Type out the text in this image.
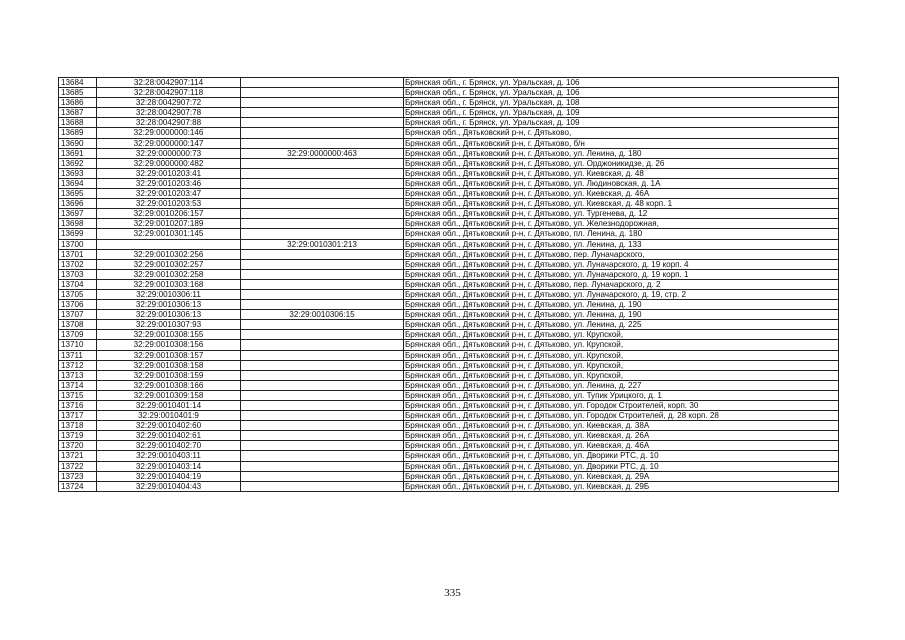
13684	32:28:0042907:114		Брянская обл., г. Брянск, ул. Уральская, д. 106
13685	32:28:0042907:118		Брянская обл., г. Брянск, ул. Уральская, д. 106
13686	32:28:0042907:72		Брянская обл., г. Брянск, ул. Уральская, д. 108
13687	32:28:0042907:78		Брянская обл., г. Брянск, ул. Уральская, д. 109
13688	32:28:0042907:88		Брянская обл., г. Брянск, ул. Уральская, д. 109
13689	32:29:0000000:146		Брянская обл., Дятьковский р-н, г. Дятьково,
13690	32:29:0000000:147		Брянская обл., Дятьковский р-н, г. Дятьково, б/н
13691	32:29:0000000:73	32:29:0000000:463	Брянская обл., Дятьковский р-н, г. Дятьково, ул. Ленина, д. 180
13692	32:29:0000000:482		Брянская обл., Дятьковский р-н, г. Дятьково, ул. Орджоникидзе, д. 26
13693	32:29:0010203:41		Брянская обл., Дятьковский р-н, г. Дятьково, ул. Киевская, д. 48
13694	32:29:0010203:46		Брянская обл., Дятьковский р-н, г. Дятьково, ул. Людиновская, д. 1А
13695	32:29:0010203:47		Брянская обл., Дятьковский р-н, г. Дятьково, ул. Киевская, д. 46А
13696	32:29:0010203:53		Брянская обл., Дятьковский р-н, г. Дятьково, ул. Киевская, д. 48 корп. 1
13697	32:29:0010206:157		Брянская обл., Дятьковский р-н, г. Дятьково, ул. Тургенева, д. 12
13698	32:29:0010207:189		Брянская обл., Дятьковский р-н, г. Дятьково, ул. Железнодорожная,
13699	32:29:0010301:145		Брянская обл., Дятьковский р-н, г. Дятьково, пл. Ленина, д. 180
13700		32:29:0010301:213	Брянская обл., Дятьковский р-н, г. Дятьково, ул. Ленина, д. 133
13701	32:29:0010302:256		Брянская обл., Дятьковский р-н, г. Дятьково, пер. Луначарского,
13702	32:29:0010302:257		Брянская обл., Дятьковский р-н, г. Дятьково, ул. Луначарского, д. 19 корп. 4
13703	32:29:0010302:258		Брянская обл., Дятьковский р-н, г. Дятьково, ул. Луначарского, д. 19 корп. 1
13704	32:29:0010303:168		Брянская обл., Дятьковский р-н, г. Дятьково, пер. Луначарского, д. 2
13705	32:29:0010306:11		Брянская обл., Дятьковский р-н, г. Дятьково, ул. Луначарского, д. 19, стр. 2
13706	32:29:0010306:13		Брянская обл., Дятьковский р-н, г. Дятьково, ул. Ленина, д. 190
13707	32:29:0010306:13	32:29:0010306:15	Брянская обл., Дятьковский р-н, г. Дятьково, ул. Ленина, д. 190
13708	32:29:0010307:93		Брянская обл., Дятьковский р-н, г. Дятьково, ул. Ленина, д. 225
13709	32:29:0010308:155		Брянская обл., Дятьковский р-н, г. Дятьково, ул. Крупской,
13710	32:29:0010308:156		Брянская обл., Дятьковский р-н, г. Дятьково, ул. Крупской,
13711	32:29:0010308:157		Брянская обл., Дятьковский р-н, г. Дятьково, ул. Крупской,
13712	32:29:0010308:158		Брянская обл., Дятьковский р-н, г. Дятьково, ул. Крупской,
13713	32:29:0010308:159		Брянская обл., Дятьковский р-н, г. Дятьково, ул. Крупской,
13714	32:29:0010308:166		Брянская обл., Дятьковский р-н, г. Дятьково, ул. Ленина, д. 227
13715	32:29:0010309:158		Брянская обл., Дятьковский р-н, г. Дятьково, ул. Тупик Урицкого, д. 1
13716	32:29:0010401:14		Брянская обл., Дятьковский р-н, г. Дятьково, ул. Городок Строителей, корп. 30
13717	32:29:0010401:9		Брянская обл., Дятьковский р-н, г. Дятьково, ул. Городок Строителей, д. 28 корп. 28
13718	32:29:0010402:60		Брянская обл., Дятьковский р-н, г. Дятьково, ул. Киевская, д. 38А
13719	32:29:0010402:61		Брянская обл., Дятьковский р-н, г. Дятьково, ул. Киевская, д. 26А
13720	32:29:0010402:70		Брянская обл., Дятьковский р-н, г. Дятьково, ул. Киевская, д. 46А
13721	32:29:0010403:11		Брянская обл., Дятьковский р-н, г. Дятьково, ул. Дворики РТС, д. 10
13722	32:29:0010403:14		Брянская обл., Дятьковский р-н, г. Дятьково, ул. Дворики РТС, д. 10
13723	32:29:0010404:19		Брянская обл., Дятьковский р-н, г. Дятьково, ул. Киевская, д. 29А
13724	32:29:0010404:43		Брянская обл., Дятьковский р-н, г. Дятьково, ул. Киевская, д. 29Б
335
